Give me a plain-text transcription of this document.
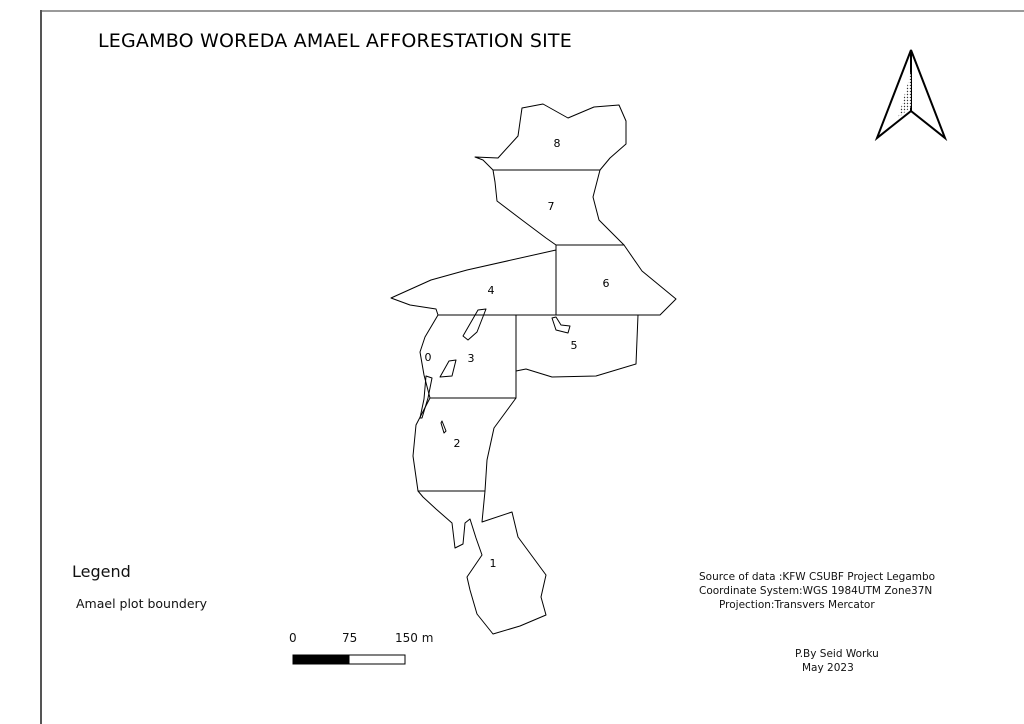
LEGAMBO WOREDA AMAEL AFFORESTATION SITE
8
7
6
4
5
3
0
2
1
Legend
Amael plot boundery
0	75	150 m
Source of data :KFW CSUBF Project Legambo
Coordinate System:WGS 1984UTM Zone37N
Projection:Transvers Mercator
P.By Seid Worku
May 2023
